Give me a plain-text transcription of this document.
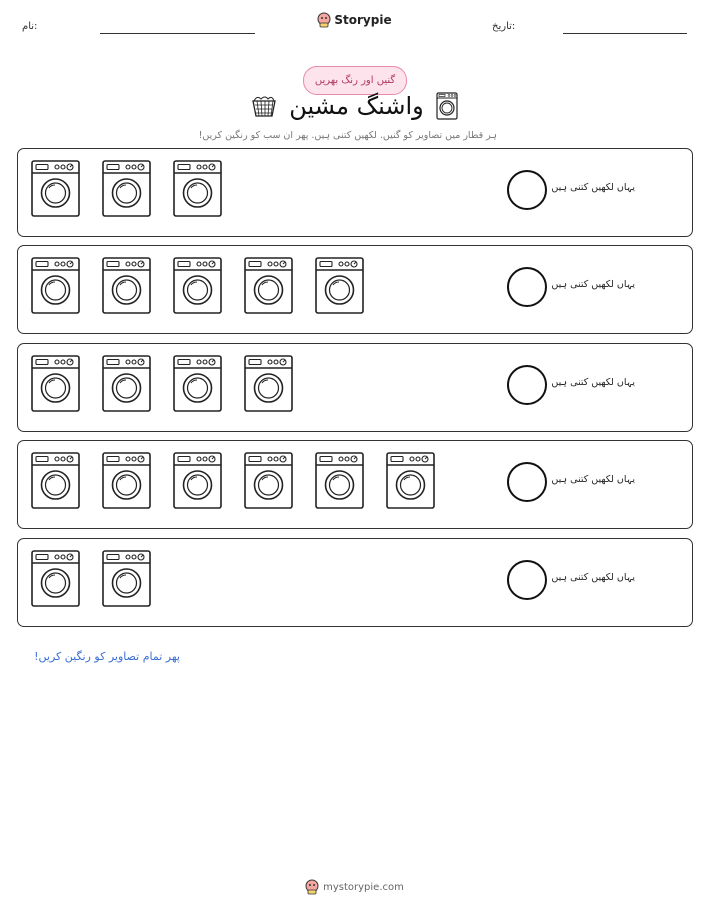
نام:	Storypie	تاریخ:
گنیں اور رنگ بھریں
واشنگ مشین
ہر قطار میں تصاویر کو گنیں. لکھیں کتنی ہیں. پھر ان سب کو رنگین کریں!
یہاں لکھیں کتنی ہیں
یہاں لکھیں کتنی ہیں
یہاں لکھیں کتنی ہیں
یہاں لکھیں کتنی ہیں
یہاں لکھیں کتنی ہیں
پھر تمام تصاویر کو رنگین کریں!
mystorypie.com
